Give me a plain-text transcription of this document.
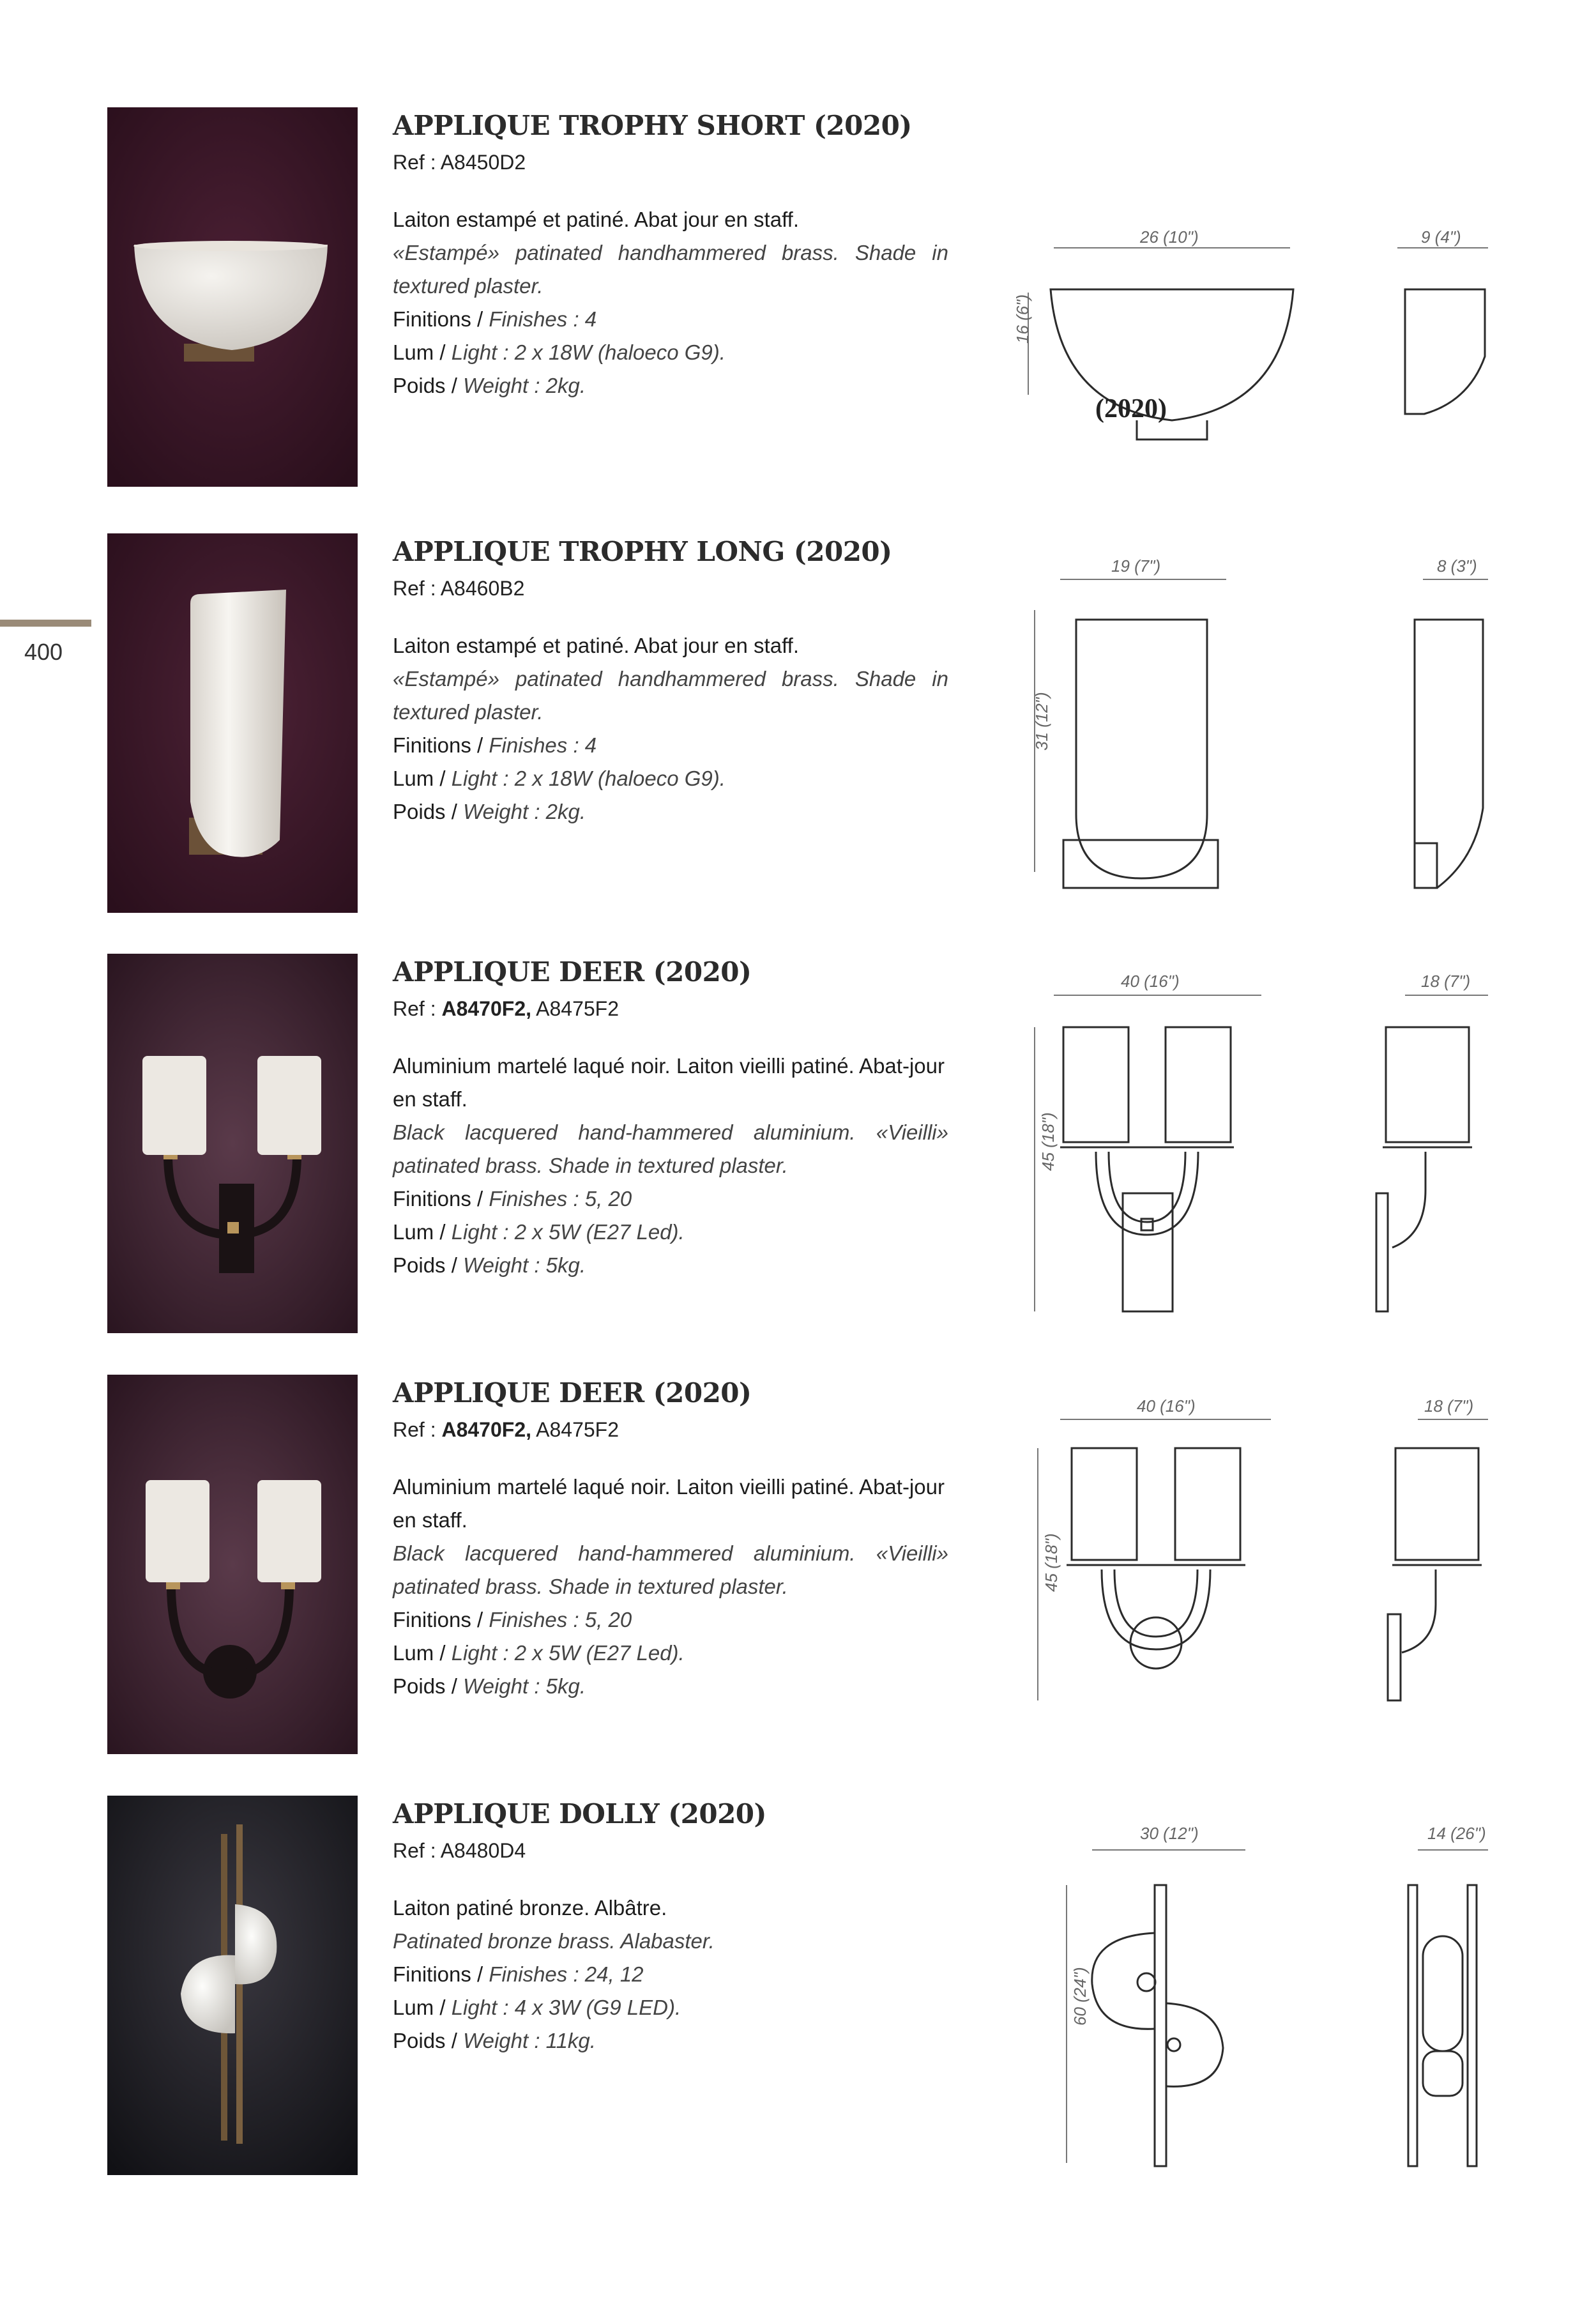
400
APPLIQUE TROPHY SHORT (2020)
Ref : A8450D2
Laiton estampé et patiné. Abat jour en staff.
«Estampé» patinated handhammered brass. Shade in textured plaster.
Finitions / Finishes : 4
Lum / Light : 2 x 18W (haloeco G9).
Poids / Weight : 2kg.
26 (10")
16 (6")
9 (4")
(2020)
APPLIQUE TROPHY LONG (2020)
Ref : A8460B2
Laiton estampé et patiné. Abat jour en staff.
«Estampé» patinated handhammered brass. Shade in textured plaster.
Finitions / Finishes : 4
Lum / Light : 2 x 18W (haloeco G9).
Poids / Weight : 2kg.
19 (7")
31 (12")
8 (3")
APPLIQUE DEER (2020)
Ref : A8470F2, A8475F2
Aluminium martelé laqué noir. Laiton vieilli patiné. Abat-jour en staff.
Black lacquered hand-hammered aluminium. «Vieilli» patinated brass. Shade in textured plaster.
Finitions / Finishes : 5, 20
Lum / Light : 2 x 5W (E27 Led).
Poids / Weight : 5kg.
40 (16")
45 (18")
18 (7")
APPLIQUE DEER (2020)
Ref : A8470F2, A8475F2
Aluminium martelé laqué noir. Laiton vieilli patiné. Abat-jour en staff.
Black lacquered hand-hammered aluminium. «Vieilli» patinated brass. Shade in textured plaster.
Finitions / Finishes : 5, 20
Lum / Light : 2 x 5W (E27 Led).
Poids / Weight : 5kg.
40 (16")
45 (18")
18 (7")
APPLIQUE DOLLY (2020)
Ref : A8480D4
Laiton patiné bronze. Albâtre.
Patinated bronze brass. Alabaster.
Finitions / Finishes : 24, 12
Lum / Light : 4 x 3W (G9 LED).
Poids / Weight : 11kg.
30 (12")
60 (24")
14 (26")
